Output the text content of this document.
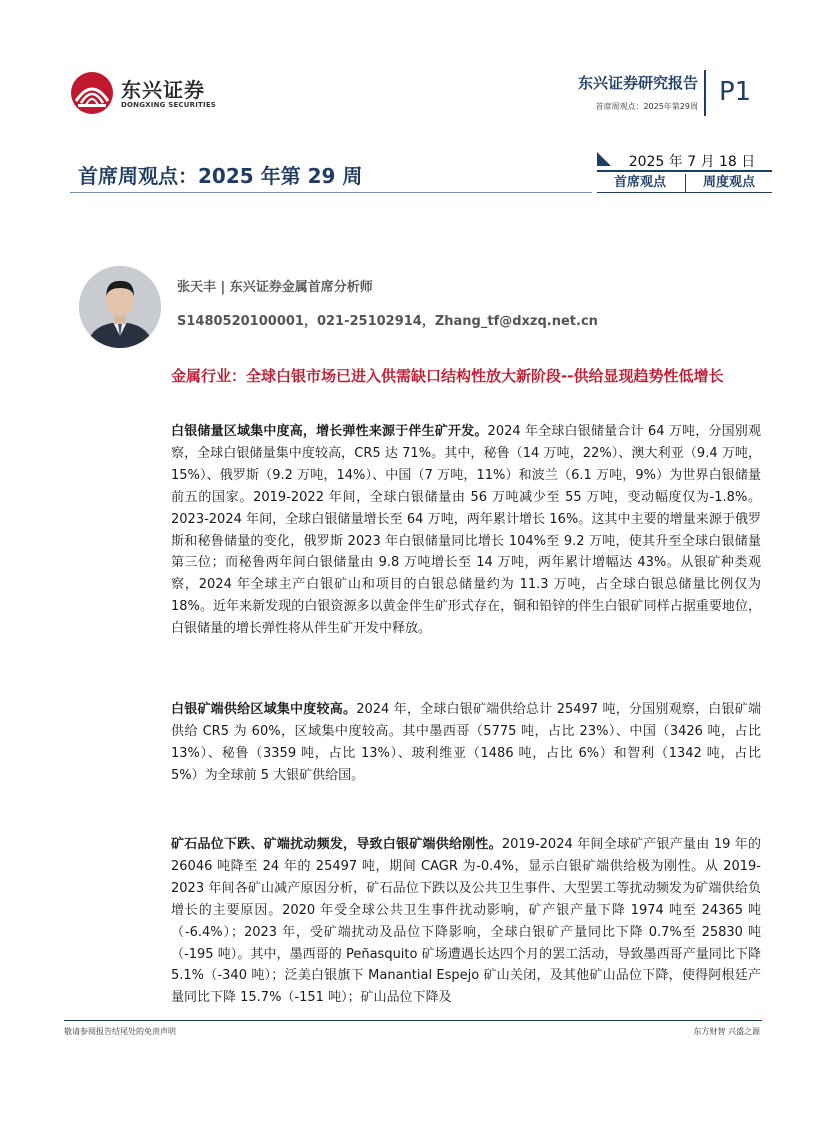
东兴证券
DONGXING SECURITIES
东兴证券研究报告
首席周观点：2025年第29周 P1
首席周观点：2025 年第 29 周
2025 年 7 月 18 日
首席观点	周度观点
张天丰 | 东兴证券金属首席分析师
S1480520100001，021-25102914，Zhang_tf@dxzq.net.cn
金属行业：全球白银市场已进入供需缺口结构性放大新阶段--供给显现趋势性低增长
白银储量区域集中度高，增长弹性来源于伴生矿开发。2024 年全球白银储量合计 64 万吨，分国别观察，全球白银储量集中度较高，CR5 达 71%。其中，秘鲁（14 万吨，22%）、澳大利亚（9.4 万吨，15%）、俄罗斯（9.2 万吨，14%）、中国（7 万吨，11%）和波兰（6.1 万吨，9%）为世界白银储量前五的国家。2019-2022 年间，全球白银储量由 56 万吨减少至 55 万吨，变动幅度仅为-1.8%。2023-2024 年间，全球白银储量增长至 64 万吨，两年累计增长 16%。这其中主要的增量来源于俄罗斯和秘鲁储量的变化，俄罗斯 2023 年白银储量同比增长 104%至 9.2 万吨，使其升至全球白银储量第三位；而秘鲁两年间白银储量由 9.8 万吨增长至 14 万吨，两年累计增幅达 43%。从银矿种类观察，2024 年全球主产白银矿山和项目的白银总储量约为 11.3 万吨，占全球白银总储量比例仅为 18%。近年来新发现的白银资源多以黄金伴生矿形式存在，铜和铅锌的伴生白银矿同样占据重要地位，白银储量的增长弹性将从伴生矿开发中释放。
白银矿端供给区域集中度较高。2024 年，全球白银矿端供给总计 25497 吨，分国别观察，白银矿端供给 CR5 为 60%，区域集中度较高。其中墨西哥（5775 吨，占比 23%）、中国（3426 吨，占比 13%）、秘鲁（3359 吨，占比 13%）、玻利维亚（1486 吨，占比 6%）和智利（1342 吨，占比 5%）为全球前 5 大银矿供给国。
矿石品位下跌、矿端扰动频发，导致白银矿端供给刚性。2019-2024 年间全球矿产银产量由 19 年的 26046 吨降至 24 年的 25497 吨，期间 CAGR 为-0.4%，显示白银矿端供给极为刚性。从 2019-2023 年间各矿山减产原因分析，矿石品位下跌以及公共卫生事件、大型罢工等扰动频发为矿端供给负增长的主要原因。2020 年受全球公共卫生事件扰动影响，矿产银产量下降 1974 吨至 24365 吨（-6.4%）；2023 年，受矿端扰动及品位下降影响，全球白银矿产量同比下降 0.7%至 25830 吨（-195 吨）。其中，墨西哥的 Peñasquito 矿场遭遇长达四个月的罢工活动，导致墨西哥产量同比下降 5.1%（-340 吨）；泛美白银旗下 Manantial Espejo 矿山关闭，及其他矿山品位下降，使得阿根廷产量同比下降 15.7%（-151 吨）；矿山品位下降及
敬请参阅报告结尾处的免责声明	东方财智 兴盛之源
